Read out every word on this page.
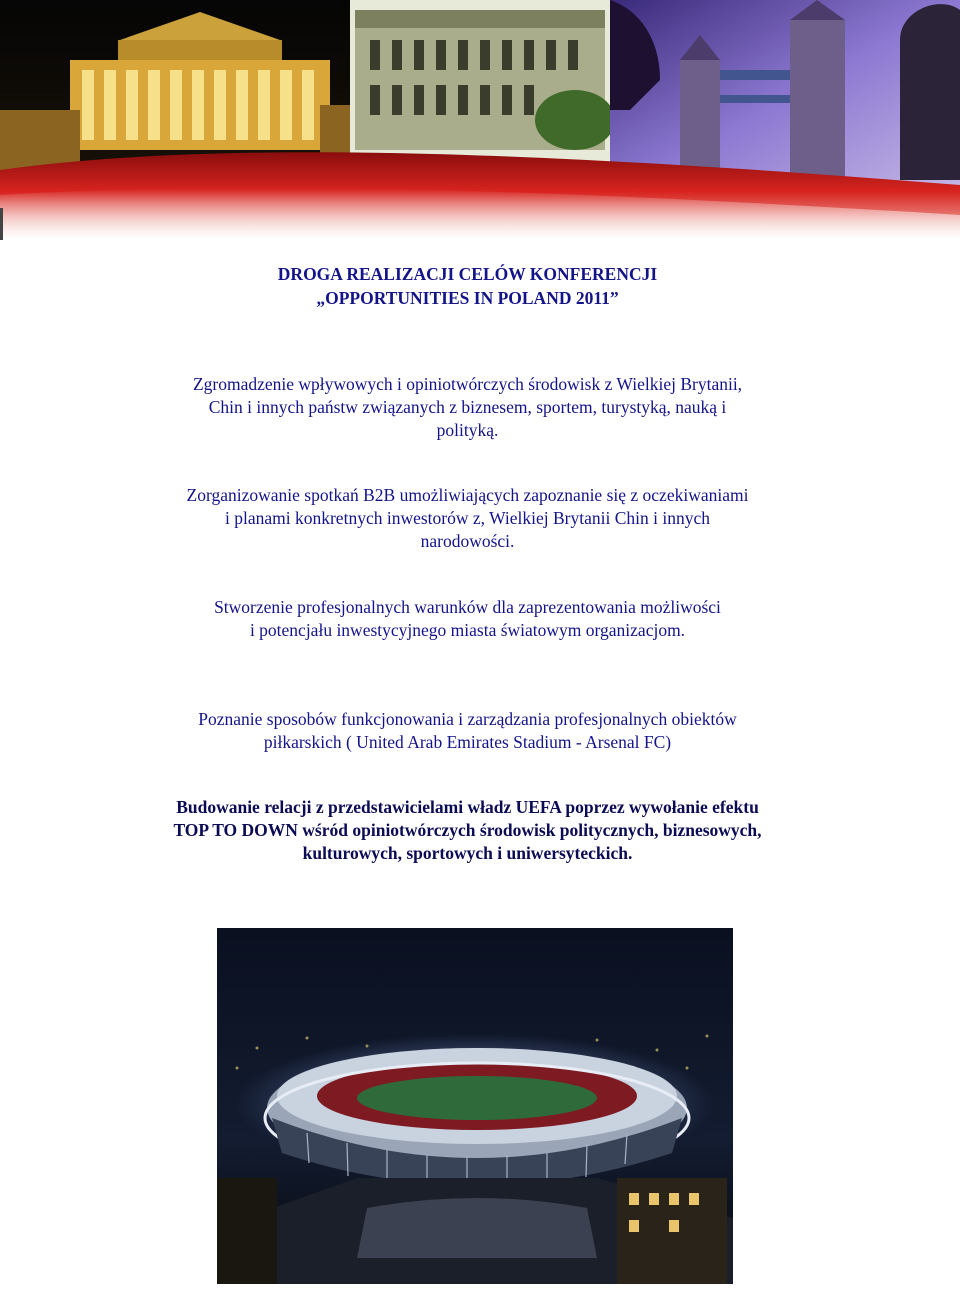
DROGA REALIZACJI CELÓW KONFERENCJI
„OPPORTUNITIES IN POLAND 2011”
Zgromadzenie wpływowych i opiniotwórczych środowisk z Wielkiej Brytanii,
Chin i innych państw związanych z biznesem, sportem, turystyką, nauką i
polityką.
Zorganizowanie spotkań B2B umożliwiających zapoznanie się z oczekiwaniami
i planami konkretnych inwestorów z, Wielkiej Brytanii Chin i innych
narodowości.
Stworzenie profesjonalnych warunków dla zaprezentowania możliwości
i potencjału inwestycyjnego miasta światowym organizacjom.
Poznanie sposobów funkcjonowania i zarządzania profesjonalnych obiektów
piłkarskich ( United Arab Emirates Stadium - Arsenal FC)
Budowanie relacji z przedstawicielami władz UEFA poprzez wywołanie efektu
TOP TO DOWN wśród opiniotwórczych środowisk politycznych, biznesowych,
kulturowych, sportowych i uniwersyteckich.
